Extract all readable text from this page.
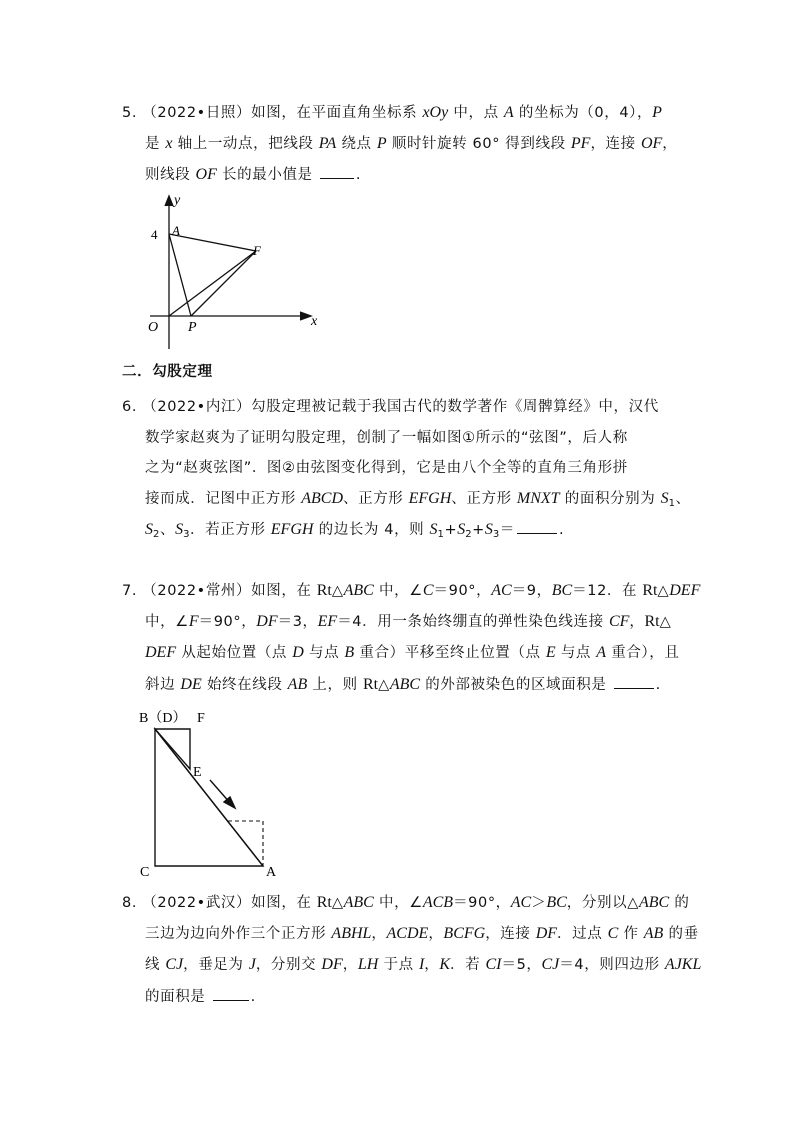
5. （2022•日照）如图，在平面直角坐标系 xOy 中，点 A 的坐标为（0，4），P
是 x 轴上一动点，把线段 PA 绕点 P 顺时针旋转 60° 得到线段 PF，连接 OF，
则线段 OF 长的最小值是	.
y
x
O
A
4
P
F
二．勾股定理
6. （2022•内江）勾股定理被记载于我国古代的数学著作《周髀算经》中，汉代
数学家赵爽为了证明勾股定理，创制了一幅如图①所示的“弦图”，后人称
之为“赵爽弦图”．图②由弦图变化得到，它是由八个全等的直角三角形拼
接而成．记图中正方形 ABCD、正方形 EFGH、正方形 MNXT 的面积分别为 $S_1$、
$S_2$、$S_3$．若正方形 EFGH 的边长为 4，则 $S_1+S_2+S_3=$	.
7. （2022•常州）如图，在 Rt△ABC 中，∠C＝90°，AC＝9，BC＝12．在 Rt△DEF
中，∠F＝90°，DF＝3，EF＝4．用一条始终绷直的弹性染色线连接 CF，Rt△
DEF 从起始位置（点 D 与点 B 重合）平移至终止位置（点 E 与点 A 重合），且
斜边 DE 始终在线段 AB 上，则 Rt△ABC 的外部被染色的区域面积是	.
B（D） F
E
C	A
8. （2022•武汉）如图，在 Rt△ABC 中，∠ACB＝90°，AC＞BC，分别以△ABC 的
三边为边向外作三个正方形 ABHL，ACDE，BCFG，连接 DF．过点 C 作 AB 的垂
线 CJ，垂足为 J，分别交 DF，LH 于点 I，K．若 CI＝5，CJ＝4，则四边形 AJKL
的面积是	.
